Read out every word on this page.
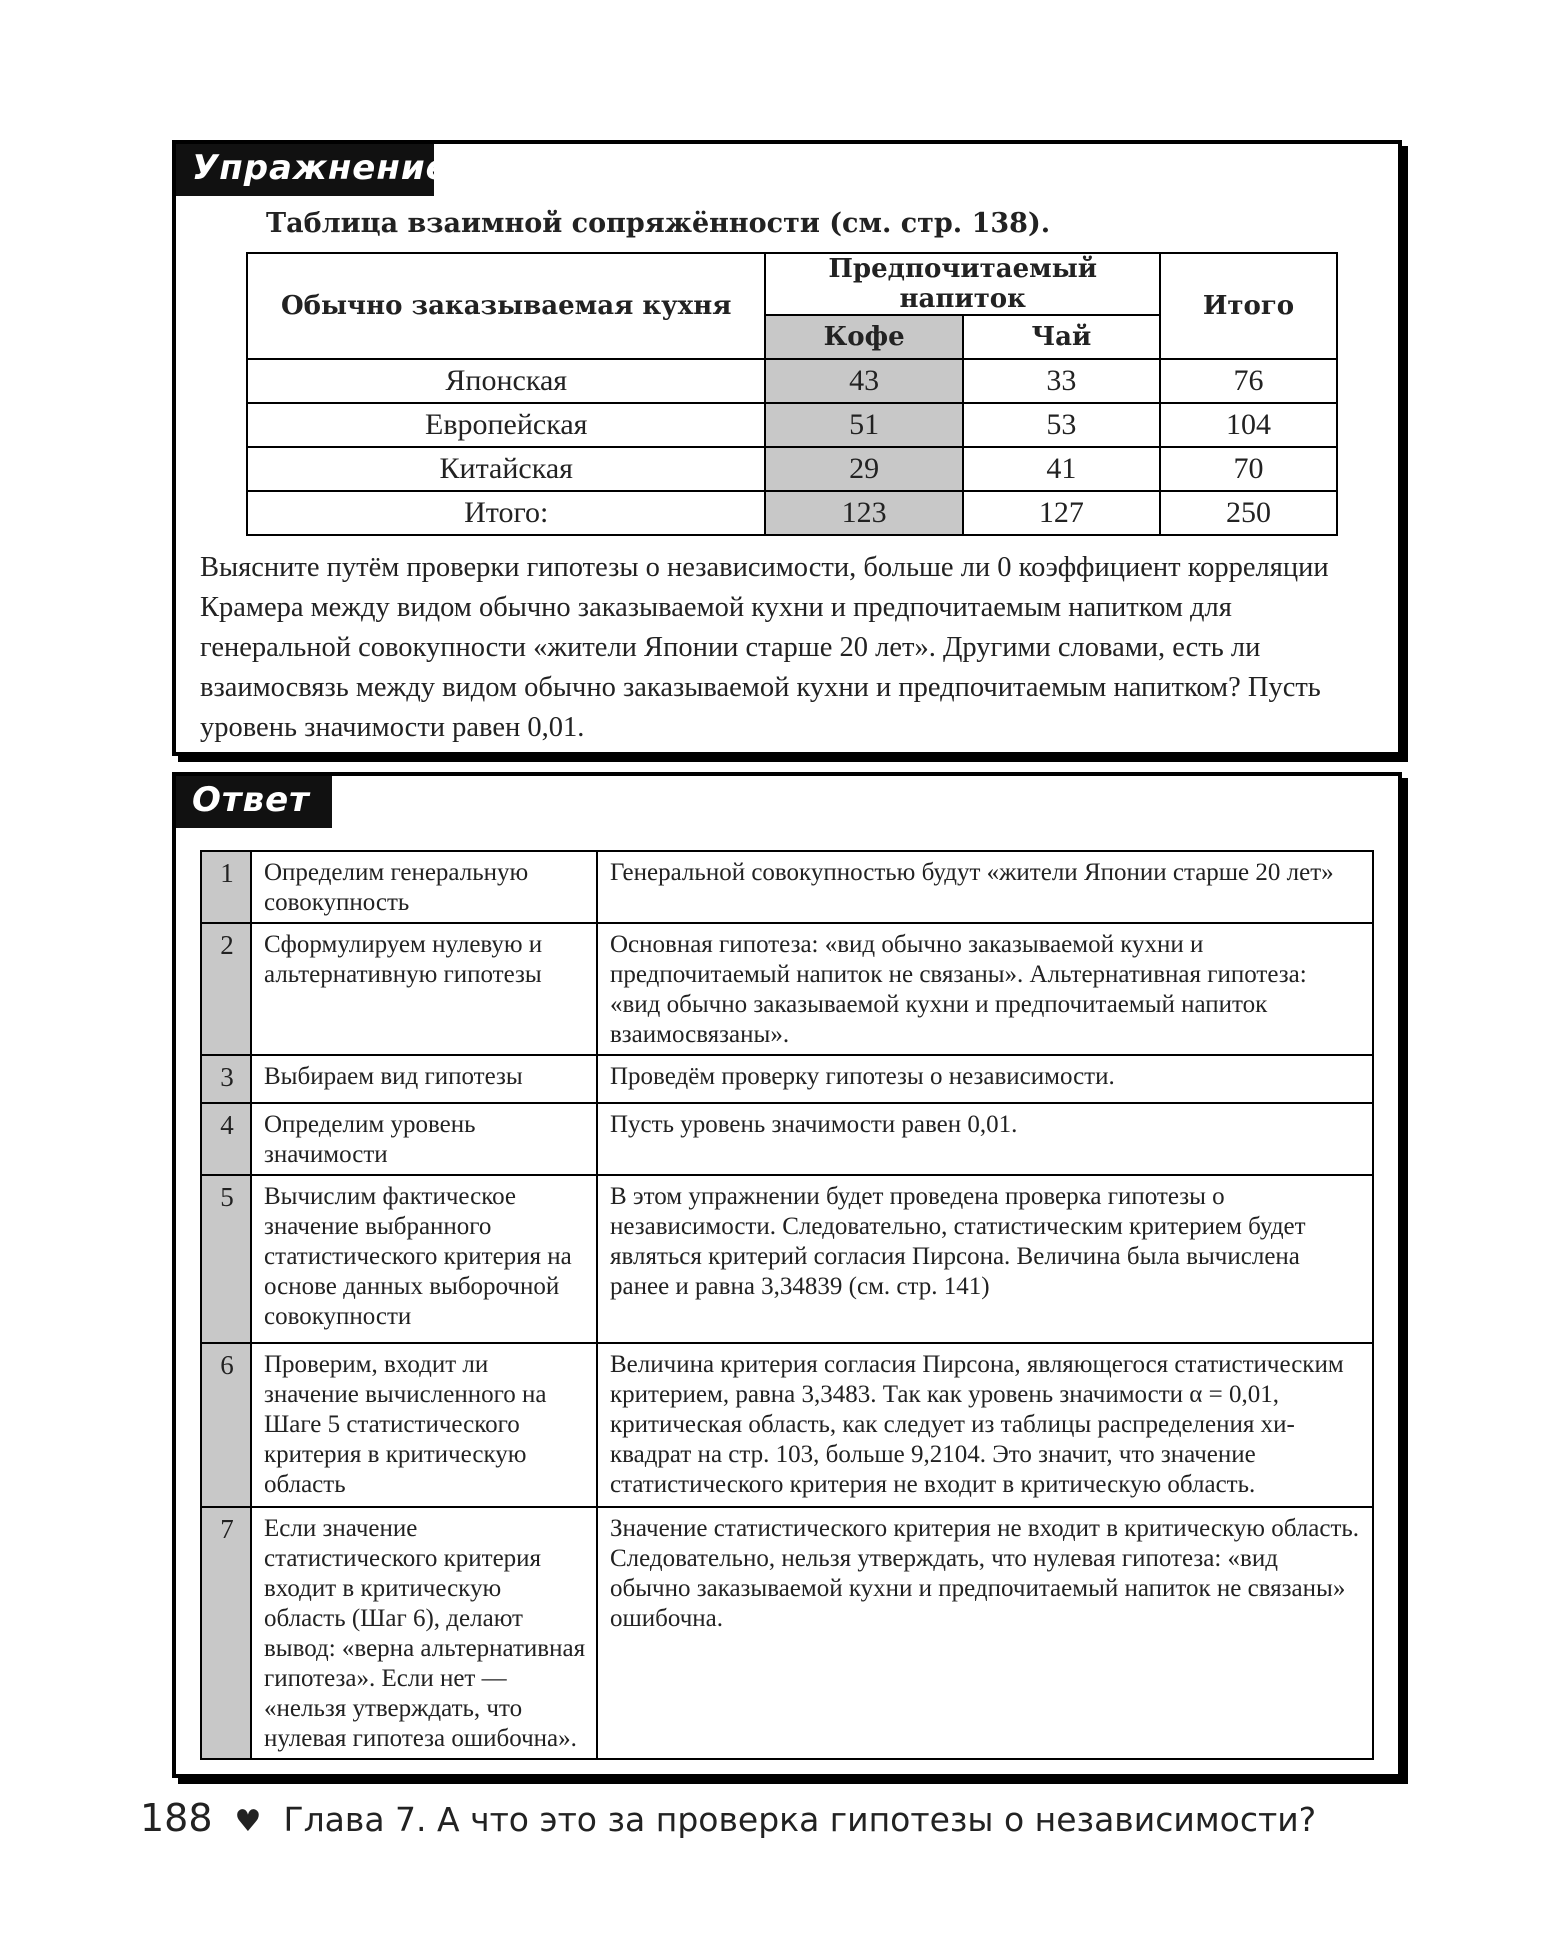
Упражнение
Таблица взаимной сопряжённости (см. стр. 138).
Обычно заказываемая кухня	Предпочитаемый напиток		Итого
	Кофе	Чай	
Японская	43	33	76
Европейская	51	53	104
Китайская	29	41	70
Итого:	123	127	250
Выясните путём проверки гипотезы о независимости, больше ли 0 коэффициент корреляции Крамера между видом обычно заказываемой кухни и предпочитаемым напитком для генеральной совокупности «жители Японии старше 20 лет». Другими словами, есть ли взаимосвязь между видом обычно заказываемой кухни и предпочитаемым напитком? Пусть уровень значимости равен 0,01.
Ответ
1	Определим генеральную совокупность	Генеральной совокупностью будут «жители Японии старше 20 лет»
2	Сформулируем нулевую и альтернативную гипотезы	Основная гипотеза: «вид обычно заказываемой кухни и предпочитаемый напиток не связаны». Альтернативная гипотеза: «вид обычно заказываемой кухни и предпочитаемый напиток взаимосвязаны».
3	Выбираем вид гипотезы	Проведём проверку гипотезы о независимости.
4	Определим уровень значимости	Пусть уровень значимости равен 0,01.
5	Вычислим фактическое значение выбранного статистического критерия на основе данных выборочной совокупности	В этом упражнении будет проведена проверка гипотезы о независимости. Следовательно, статистическим критерием будет являться критерий согласия Пирсона. Величина была вычислена ранее и равна 3,34839 (см. стр. 141)
6	Проверим, входит ли значение вычисленного на Шаге 5 статистического критерия в критическую область	Величина критерия согласия Пирсона, являющегося статистическим критерием, равна 3,3483. Так как уровень значимости α = 0,01, критическая область, как следует из таблицы распределения хи-квадрат на стр. 103, больше 9,2104. Это значит, что значение статистического критерия не входит в критическую область.
7	Если значение статистического критерия входит в критическую область (Шаг 6), делают вывод: «верна альтернативная гипотеза». Если нет — «нельзя утверждать, что нулевая гипотеза ошибочна».	Значение статистического критерия не входит в критическую область. Следовательно, нельзя утверждать, что нулевая гипотеза: «вид обычно заказываемой кухни и предпочитаемый напиток не связаны» ошибочна.
188 ♥ Глава 7. А что это за проверка гипотезы о независимости?
